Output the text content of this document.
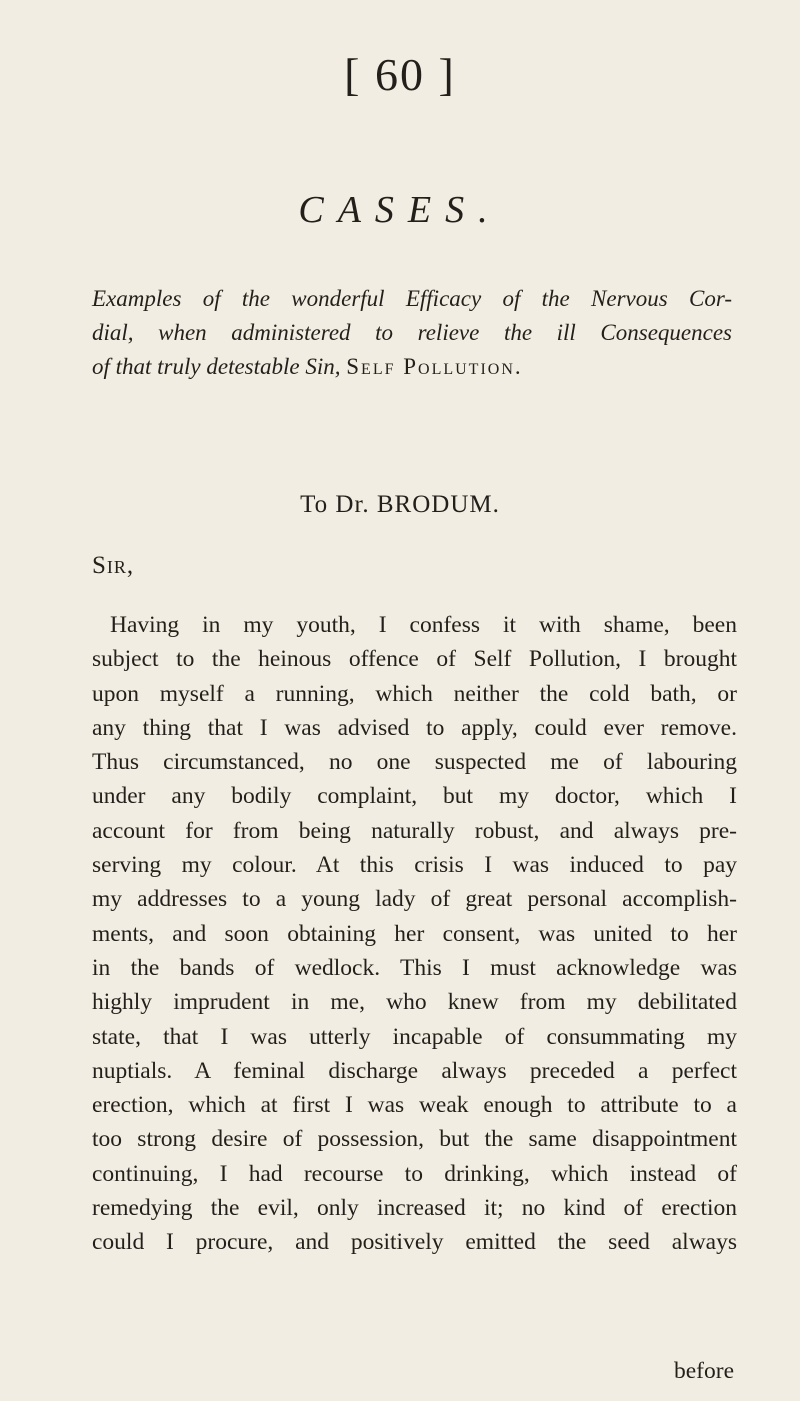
[ 60 ]
CASES.
Examples of the wonderful Efficacy of the Nervous Cor-
dial, when administered to relieve the ill Consequences
of that truly detestable Sin, Self Pollution.
To Dr. BRODUM.
Sir,
Having in my youth, I confess it with shame, been
subject to the heinous offence of Self Pollution, I brought
upon myself a running, which neither the cold bath, or
any thing that I was advised to apply, could ever remove.
Thus circumstanced, no one suspected me of labouring
under any bodily complaint, but my doctor, which I
account for from being naturally robust, and always pre-
serving my colour. At this crisis I was induced to pay
my addresses to a young lady of great personal accomplish-
ments, and soon obtaining her consent, was united to her
in the bands of wedlock. This I must acknowledge was
highly imprudent in me, who knew from my debilitated
state, that I was utterly incapable of consummating my
nuptials. A feminal discharge always preceded a perfect
erection, which at first I was weak enough to attribute to a
too strong desire of possession, but the same disappointment
continuing, I had recourse to drinking, which instead of
remedying the evil, only increased it; no kind of erection
could I procure, and positively emitted the seed always
before
